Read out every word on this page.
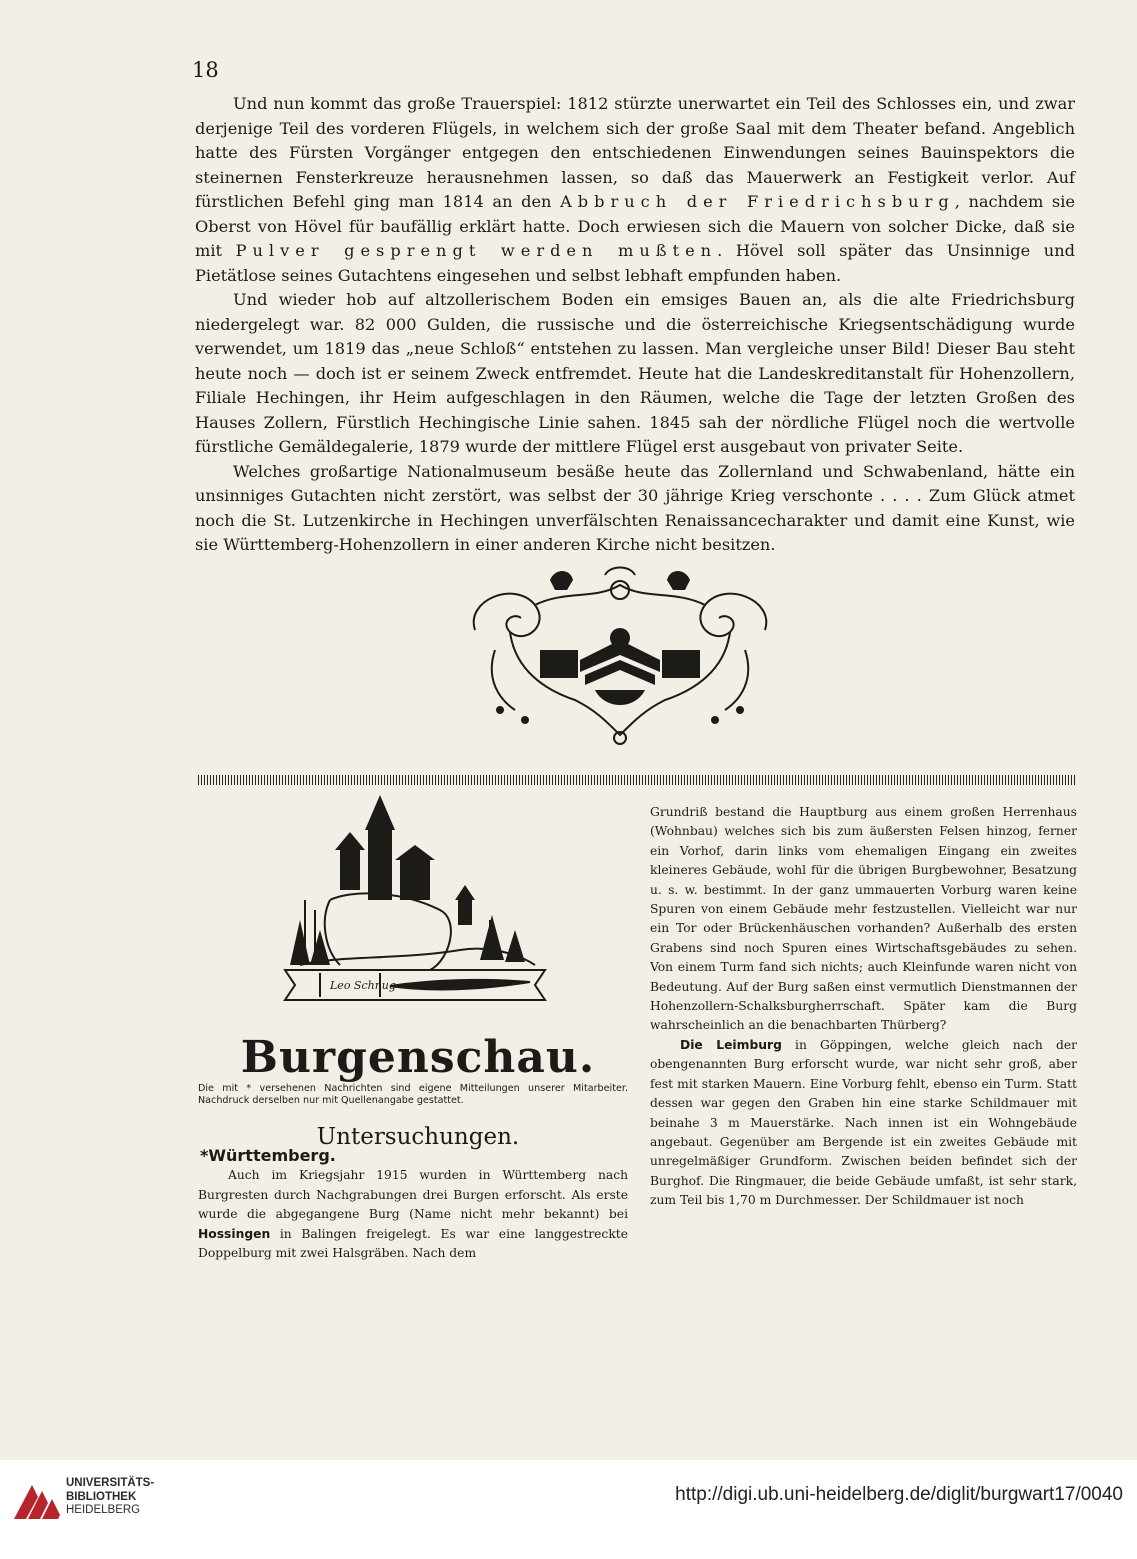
18

Und nun kommt das große Trauerspiel: 1812 stürzte unerwartet ein Teil des Schlosses ein, und zwar derjenige Teil des vorderen Flügels, in welchem sich der große Saal mit dem Theater befand. Angeblich hatte des Fürsten Vorgänger entgegen den entschiedenen Einwendungen seines Bauinspektors die steinernen Fensterkreuze herausnehmen lassen, so daß das Mauerwerk an Festigkeit verlor. Auf fürstlichen Befehl ging man 1814 an den Abbruch der Friedrichsburg, nachdem sie Oberst von Hövel für baufällig erklärt hatte. Doch erwiesen sich die Mauern von solcher Dicke, daß sie mit Pulver gesprengt werden mußten. Hövel soll später das Unsinnige und Pietätlose seines Gutachtens eingesehen und selbst lebhaft empfunden haben.

Und wieder hob auf altzollerischem Boden ein emsiges Bauen an, als die alte Friedrichsburg niedergelegt war. 82 000 Gulden, die russische und die österreichische Kriegsentschädigung wurde verwendet, um 1819 das „neue Schloß“ entstehen zu lassen. Man vergleiche unser Bild! Dieser Bau steht heute noch — doch ist er seinem Zweck entfremdet. Heute hat die Landeskreditanstalt für Hohenzollern, Filiale Hechingen, ihr Heim aufgeschlagen in den Räumen, welche die Tage der letzten Großen des Hauses Zollern, Fürstlich Hechingische Linie sahen. 1845 sah der nördliche Flügel noch die wertvolle fürstliche Gemäldegalerie, 1879 wurde der mittlere Flügel erst ausgebaut von privater Seite.

Welches großartige Nationalmuseum besäße heute das Zollernland und Schwabenland, hätte ein unsinniges Gutachten nicht zerstört, was selbst der 30 jährige Krieg verschonte . . . . Zum Glück atmet noch die St. Lutzenkirche in Hechingen unverfälschten Renaissancecharakter und damit eine Kunst, wie sie Württemberg-Hohenzollern in einer anderen Kirche nicht besitzen.

Leo Schnug
Burgenschau.
Die mit * versehenen Nachrichten sind eigene Mitteilungen unserer Mitarbeiter. Nachdruck derselben nur mit Quellenangabe gestattet.
Untersuchungen.
*Württemberg.

Auch im Kriegsjahr 1915 wurden in Württemberg nach Burgresten durch Nachgrabungen drei Burgen erforscht. Als erste wurde die abgegangene Burg (Name nicht mehr bekannt) bei Hossingen in Balingen freigelegt. Es war eine langgestreckte Doppelburg mit zwei Halsgräben. Nach dem

Grundriß bestand die Hauptburg aus einem großen Herrenhaus (Wohnbau) welches sich bis zum äußersten Felsen hinzog, ferner ein Vorhof, darin links vom ehemaligen Eingang ein zweites kleineres Gebäude, wohl für die übrigen Burgbewohner, Besatzung u. s. w. bestimmt. In der ganz ummauerten Vorburg waren keine Spuren von einem Gebäude mehr festzustellen. Vielleicht war nur ein Tor oder Brückenhäuschen vorhanden? Außerhalb des ersten Grabens sind noch Spuren eines Wirtschaftsgebäudes zu sehen. Von einem Turm fand sich nichts; auch Kleinfunde waren nicht von Bedeutung. Auf der Burg saßen einst vermutlich Dienstmannen der Hohenzollern-Schalksburgherrschaft. Später kam die Burg wahrscheinlich an die benachbarten Thürberg?

Die Leimburg in Göppingen, welche gleich nach der obengenannten Burg erforscht wurde, war nicht sehr groß, aber fest mit starken Mauern. Eine Vorburg fehlt, ebenso ein Turm. Statt dessen war gegen den Graben hin eine starke Schildmauer mit beinahe 3 m Mauerstärke. Nach innen ist ein Wohngebäude angebaut. Gegenüber am Bergende ist ein zweites Gebäude mit unregelmäßiger Grundform. Zwischen beiden befindet sich der Burghof. Die Ringmauer, die beide Gebäude umfaßt, ist sehr stark, zum Teil bis 1,70 m Durchmesser. Der Schildmauer ist noch

UNIVERSITÄTS-
BIBLIOTHEK
HEIDELBERG
http://digi.ub.uni-heidelberg.de/diglit/burgwart17/0040
